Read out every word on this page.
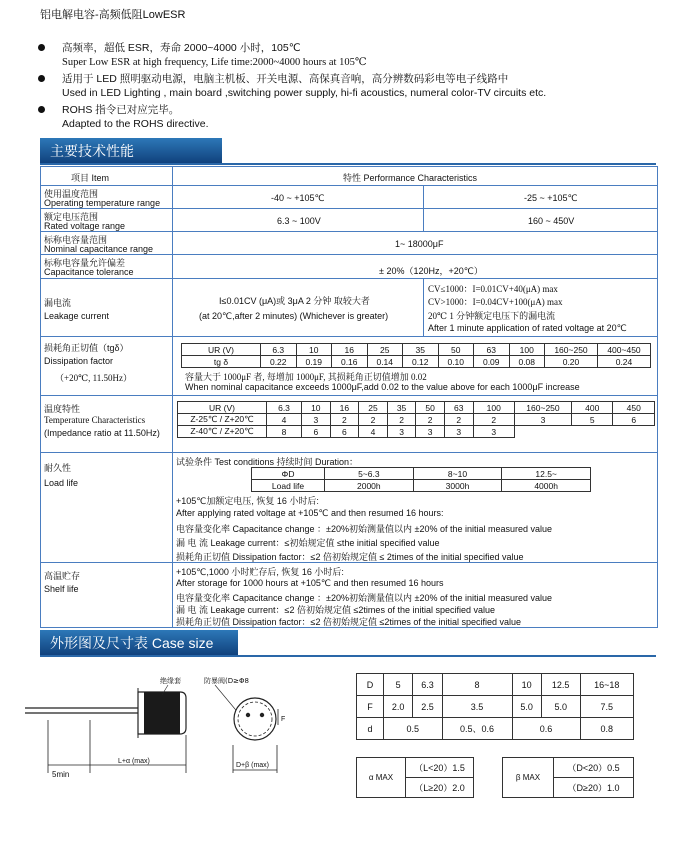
铝电解电容-高频低阻LowESR
高频率，超低 ESR，寿命 2000~4000 小时，105℃
Super Low ESR at high frequency, Life time:2000~4000 hours at 105℃
适用于 LED 照明驱动电源，电脑主机板、开关电源、高保真音响，高分辨数码彩电等电子线路中
Used in LED Lighting , main board ,switching power supply, hi-fi acoustics, numeral color-TV circuits etc.
ROHS 指令已对应完毕。
Adapted to the ROHS directive.
主要技术性能
项目 Item	特性 Performance Characteristics
使用温度范围
Operating temperature range	-40 ~ +105℃	-25 ~ +105℃
额定电压范围
Rated voltage range	6.3 ~ 100V	160 ~ 450V
标称电容量范围
Nominal capacitance range	1~ 18000μF
标称电容量允许偏差
Capacitance tolerance	± 20%（120Hz，+20℃）
漏电流
Leakage current
I≤0.01CV (μA)或 3μA 2 分钟 取较大者
(at 20℃,after 2 minutes) (Whichever is greater)
CV≤1000：I=0.01CV+40(μA) max
CV>1000：I=0.04CV+100(μA) max
20℃ 1 分钟额定电压下的漏电流
After 1 minute application of rated voltage at 20℃
损耗角正切值（tgδ）
Dissipation factor
（+20℃, 11.50Hz）
UR (V)	6.3	10	16	25	35	50	63	100	160~250	400~450
tg δ	0.22	0.19	0.16	0.14	0.12	0.10	0.09	0.08	0.20	0.24
容量大于 1000μF 者, 每增加 1000μF, 其损耗角正切值增加 0.02
When nominal capacitance exceeds 1000μF,add 0.02 to the value above for each 1000μF increase
温度特性
Temperature Characteristics
(Impedance ratio at 11.50Hz)
UR (V)	6.3	10	16	25	35	50	63	100	160~250	400	450
Z-25℃ / Z+20℃	4	3	2	2	2	2	2	2	3	5	6
Z-40℃ / Z+20℃	8	6	6	4	3	3	3	3			
耐久性
Load life
试验条件 Test conditions 持续时间 Duration：
ΦD	5~6.3	8~10	12.5~
Load life	2000h	3000h	4000h
+105℃加额定电压, 恢复 16 小时后:
After applying rated voltage at +105℃ and then resumed 16 hours:
电容量变化率 Capacitance change ：±20%初始测量值以内 ±20% of the initial measured value
漏 电 流 Leakage current：≤初始规定值 ≤the initial specified value
损耗角正切值 Dissipation factor：≤2 倍初始规定值 ≤ 2times of the initial specified value
高温贮存
Shelf life
+105℃,1000 小时贮存后, 恢复 16 小时后:
After storage for 1000 hours at +105℃ and then resumed 16 hours
电容量变化率 Capacitance change ：±20%初始测量值以内 ±20% of the initial measured value
漏 电 流 Leakage current：≤2 倍初始规定值 ≤2times of the initial specified value
损耗角正切值 Dissipation factor：≤2 倍初始规定值 ≤2times of the initial specified value
外形图及尺寸表 Case size
5min
L+α (max)
绝缘套	防暴阀(D≥Φ8
F
D+β (max)
D	5	6.3	8	10	12.5	16~18
F	2.0	2.5	3.5	5.0	5.0	7.5
d	0.5		0.5、0.6	0.6		0.8
α MAX	（L<20）1.5
（L≥20）2.0
β MAX	（D<20）0.5
（D≥20）1.0
